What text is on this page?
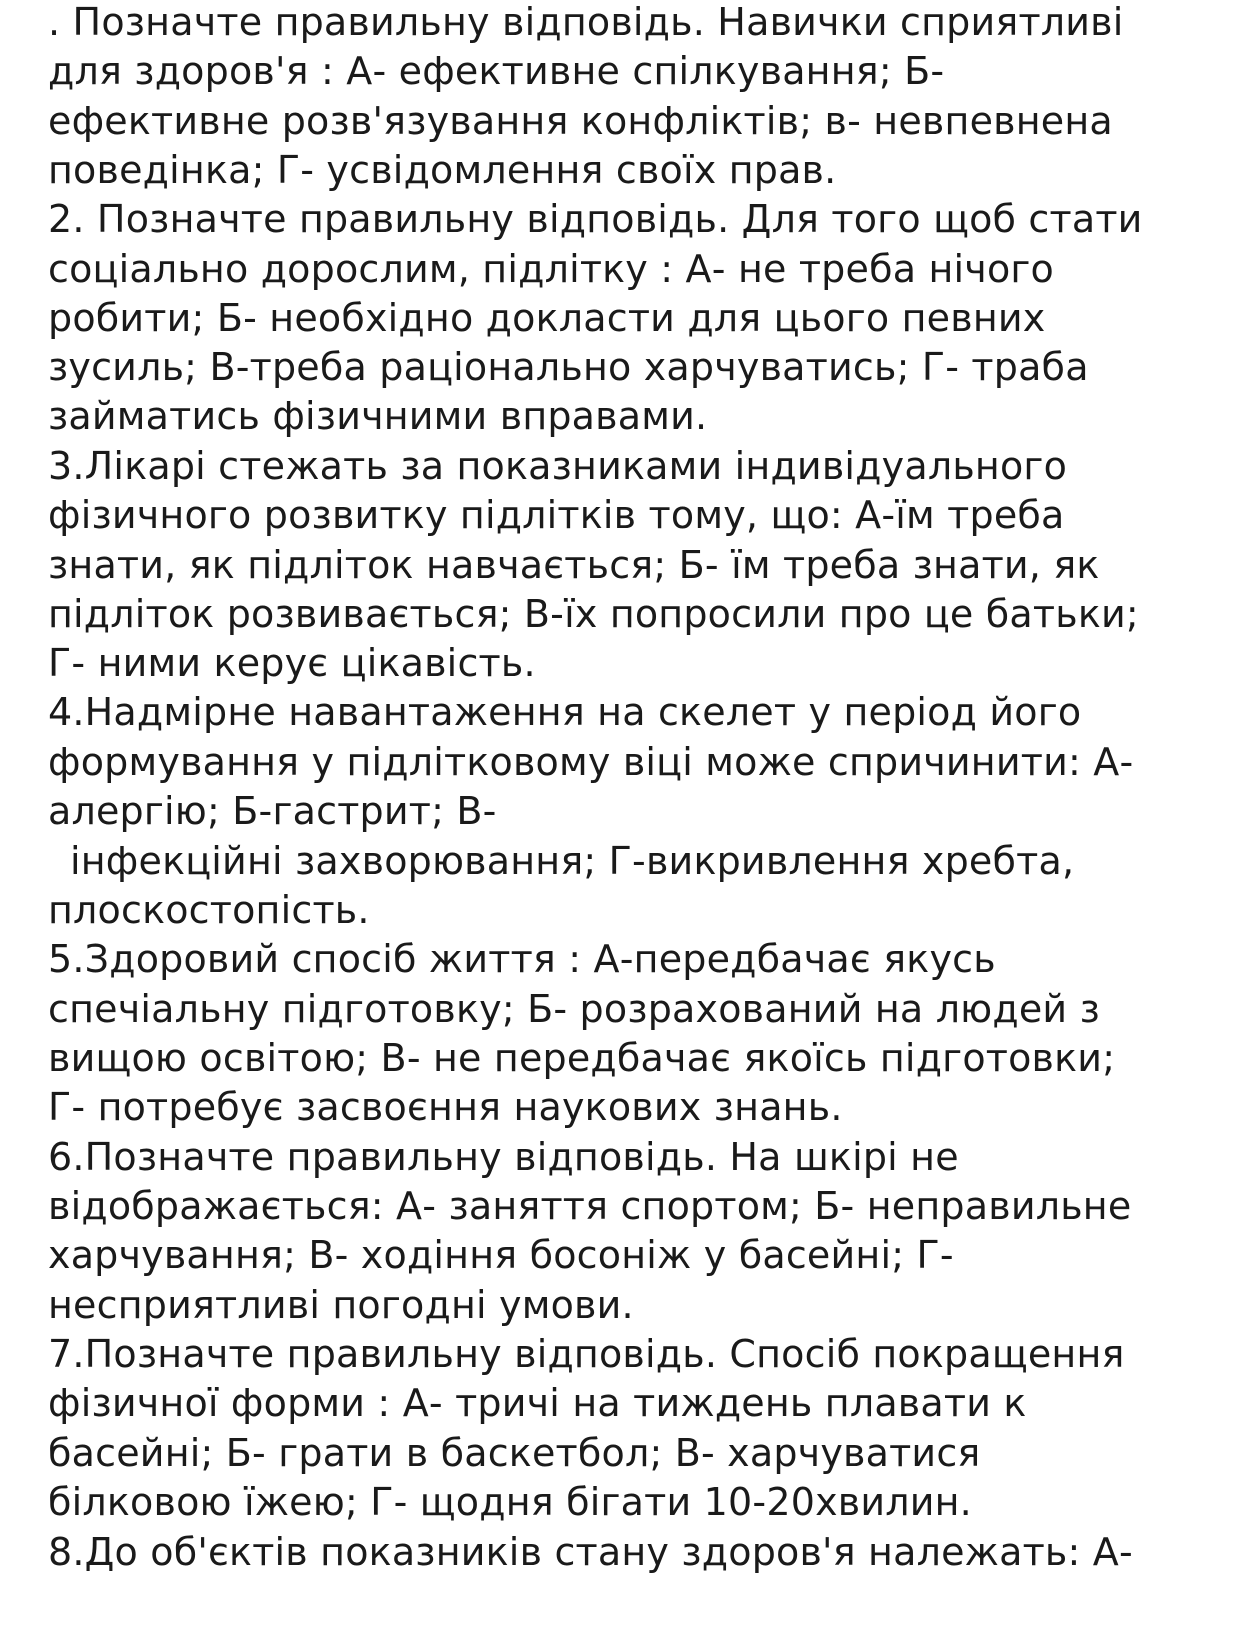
. Позначте правильну відповідь. Навички сприятливі
для здоров'я : А- ефективне спілкування; Б-
ефективне розв'язування конфліктів; в- невпевнена
поведінка; Г- усвідомлення своїх прав.
2. Позначте правильну відповідь. Для того щоб стати
соціально дорослим, підлітку : А- не треба нічого
робити; Б- необхідно докласти для цього певних
зусиль; В-треба раціонально харчуватись; Г- траба
займатись фізичними вправами.
3.Лікарі стежать за показниками індивідуального
фізичного розвитку підлітків тому, що: А-їм треба
знати, як підліток навчається; Б- їм треба знати, як
підліток розвивається; В-їх попросили про це батьки;
Г- ними керує цікавість.
4.Надмірне навантаження на скелет у період його
формування у підлітковому віці може спричинити: А-
алергію; Б-гастрит; В-
інфекційні захворювання; Г-викривлення хребта,
плоскостопість.
5.Здоровий спосіб життя : А-передбачає якусь
спечіальну підготовку; Б- розрахований на людей з
вищою освітою; В- не передбачає якоїсь підготовки;
Г- потребує засвоєння наукових знань.
6.Позначте правильну відповідь. На шкірі не
відображається: А- заняття спортом; Б- неправильне
харчування; В- ходіння босоніж у басейні; Г-
несприятливі погодні умови.
7.Позначте правильну відповідь. Спосіб покращення
фізичної форми : А- тричі на тиждень плавати к
басейні; Б- грати в баскетбол; В- харчуватися
білковою їжею; Г- щодня бігати 10-20хвилин.
8.До об'єктів показників стану здоров'я належать: А-
